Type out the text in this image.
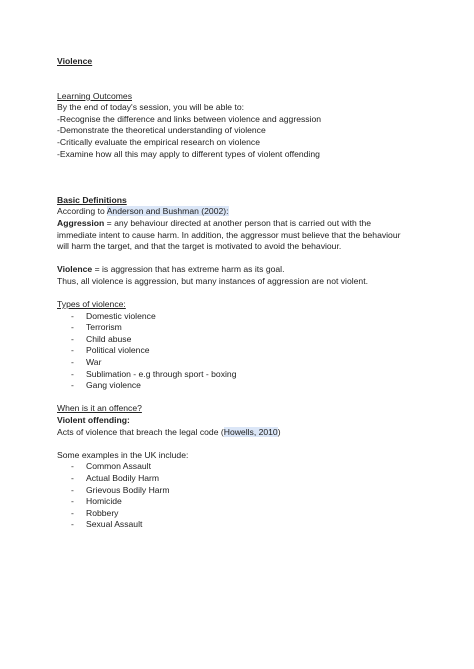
Violence
Learning Outcomes
By the end of today's session, you will be able to:
-Recognise the difference and links between violence and aggression
-Demonstrate the theoretical understanding of violence
-Critically evaluate the empirical research on violence
-Examine how all this may apply to different types of violent offending
Basic Definitions
According to Anderson and Bushman (2002):
Aggression = any behaviour directed at another person that is carried out with the
immediate intent to cause harm. In addition, the aggressor must believe that the behaviour
will harm the target, and that the target is motivated to avoid the behaviour.
Violence = is aggression that has extreme harm as its goal.
Thus, all violence is aggression, but many instances of aggression are not violent.
Types of violence:
- Domestic violence
- Terrorism
- Child abuse
- Political violence
- War
- Sublimation - e.g through sport - boxing
- Gang violence
When is it an offence?
Violent offending:
Acts of violence that breach the legal code (Howells, 2010)
Some examples in the UK include:
- Common Assault
- Actual Bodily Harm
- Grievous Bodily Harm
- Homicide
- Robbery
- Sexual Assault
